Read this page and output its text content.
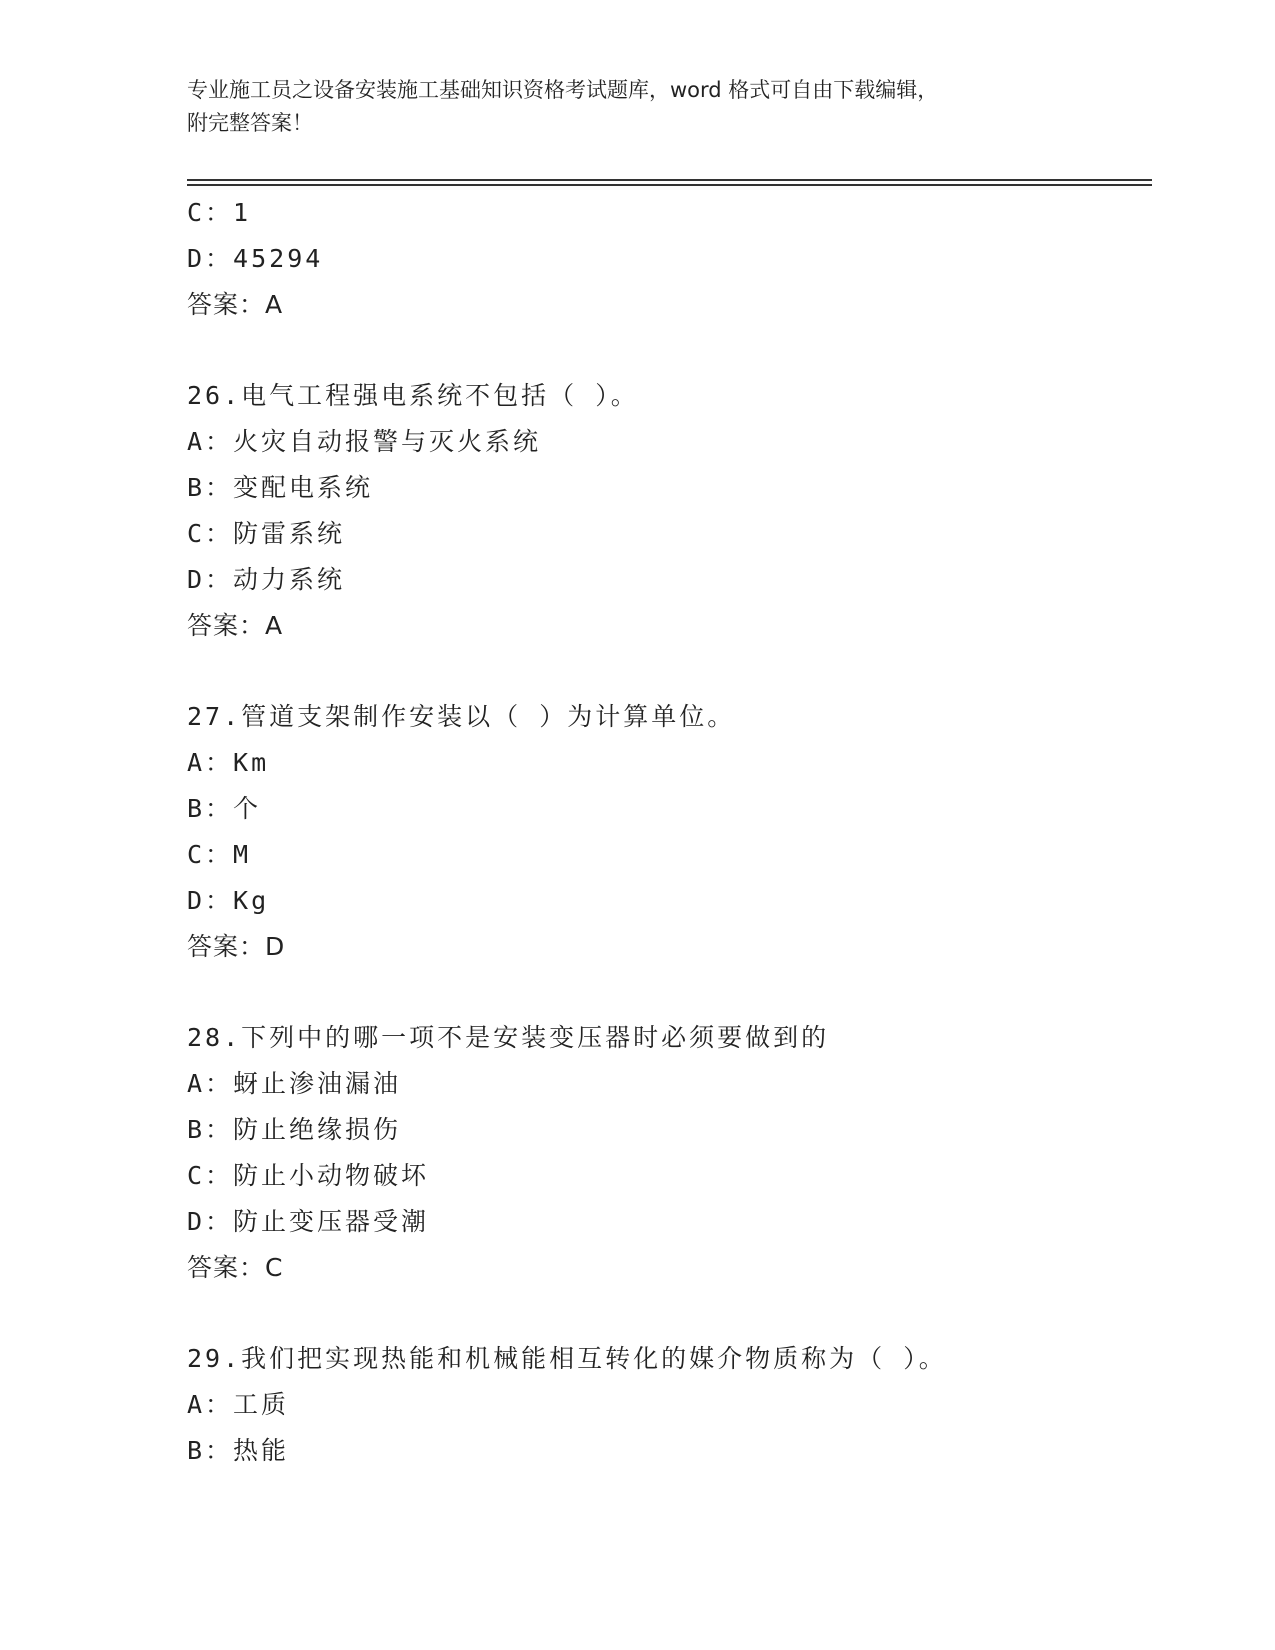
专业施工员之设备安装施工基础知识资格考试题库，word 格式可自由下载编辑，
附完整答案！
C：1
D：45294
答案：A
26.电气工程强电系统不包括（ ）。
A：火灾自动报警与灭火系统
B：变配电系统
C：防雷系统
D：动力系统
答案：A
27.管道支架制作安装以（ ）为计算单位。
A：Km
B：个
C：M
D：Kg
答案：D
28.下列中的哪一项不是安装变压器时必须要做到的
A：蚜止渗油漏油
B：防止绝缘损伤
C：防止小动物破坏
D：防止变压器受潮
答案：C
29.我们把实现热能和机械能相互转化的媒介物质称为（ ）。
A：工质
B：热能
